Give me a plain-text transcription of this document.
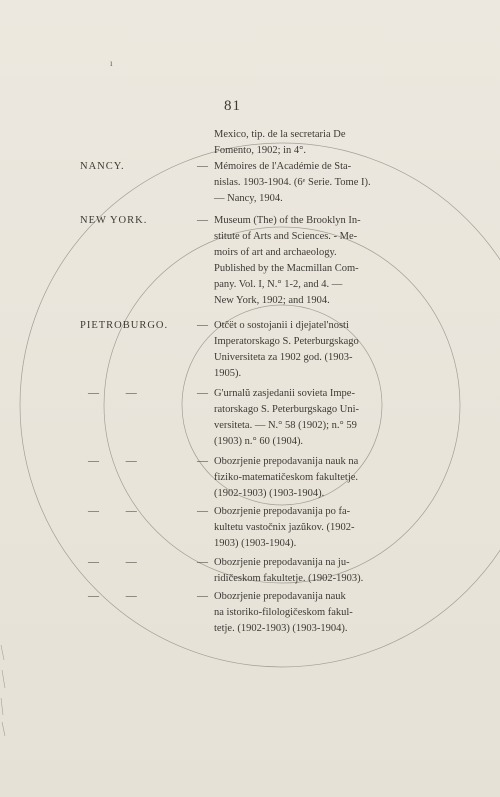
ı
81
Mexico, tip. de la secretaria De
Fomento, 1902; in 4°.
NANCY.	— Mémoires de l'Académie de Sta-
nislas. 1903-1904. (6ᵉ Serie. Tome I).
— Nancy, 1904.
NEW YORK.	— Museum (The) of the Brooklyn In-
stitute of Arts and Sciences. - Me-
moirs of art and archaeology.
Published by the Macmillan Com-
pany. Vol. I, N.° 1-2, and 4. —
New York, 1902; and 1904.
PIETROBURGO.	— Otčët o sostojanii i djejatel'nosti
Imperatorskago S. Peterburgskago
Universiteta za 1902 god. (1903-
1905).
— —	— G'urnalŭ zasjedanii sovieta Impe-
ratorskago S. Peterburgskago Uni-
versiteta. — N.° 58 (1902); n.° 59
(1903) n.° 60 (1904).
— —	— Obozrjenie prepodavanija nauk na
fiziko-matematičeskom fakultetje.
(1902-1903) (1903-1904).
— —	— Obozrjenie prepodavanija po fa-
kultetu vastočnix jazŭkov. (1902-
1903) (1903-1904).
— —	— Obozrjenie prepodavanija na ju-
ridičeskom fakultetje. (1902-1903).
— —	— Obozrjenie prepodavanija nauk
na istoriko-filologičeskom fakul-
tetje. (1902-1903) (1903-1904).
